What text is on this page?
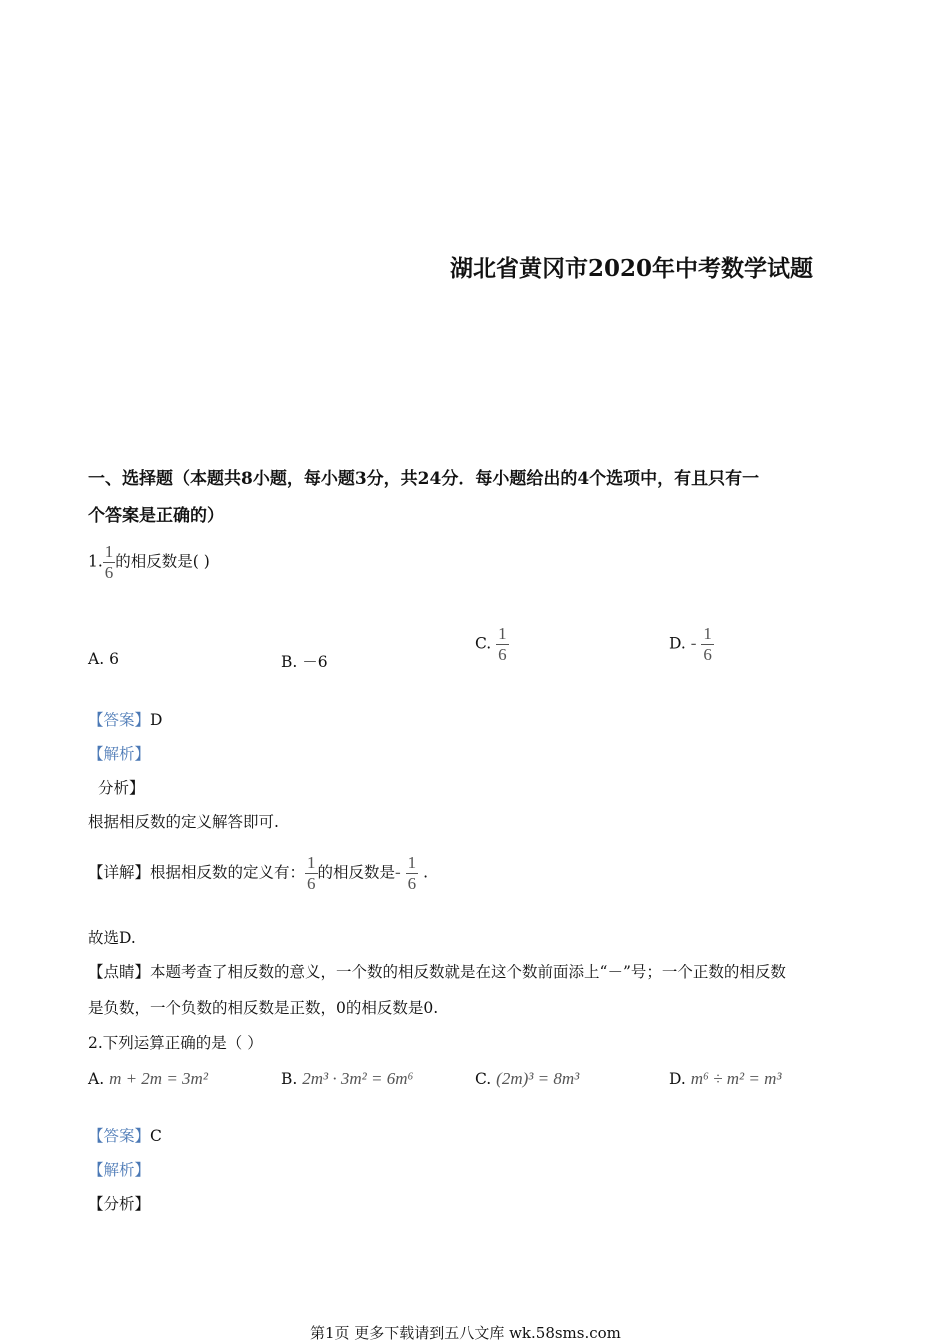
湖北省黄冈市2020年中考数学试题
一、选择题（本题共8小题，每小题3分，共24分．每小题给出的4个选项中，有且只有一
个答案是正确的）
1. $\frac{1}{6}$ 的相反数是( )
A. 6	B. －6
C. $\frac{1}{6}$	D. - $\frac{1}{6}$
【答案】D
【解析】
分析】
根据相反数的定义解答即可.
【详解】根据相反数的定义有： $\frac{1}{6}$ 的相反数是- $\frac{1}{6}$ .
故选D.
【点睛】本题考查了相反数的意义，一个数的相反数就是在这个数前面添上“－”号；一个正数的相反数
是负数，一个负数的相反数是正数，0的相反数是0.
2.下列运算正确的是（ ）
A. m + 2m = 3m²	B. 2m³ · 3m² = 6m⁶	C. (2m)³ = 8m³	D. m⁶ ÷ m² = m³
【答案】C
【解析】
【分析】
第1页 更多下载请到五八文库 wk.58sms.com
